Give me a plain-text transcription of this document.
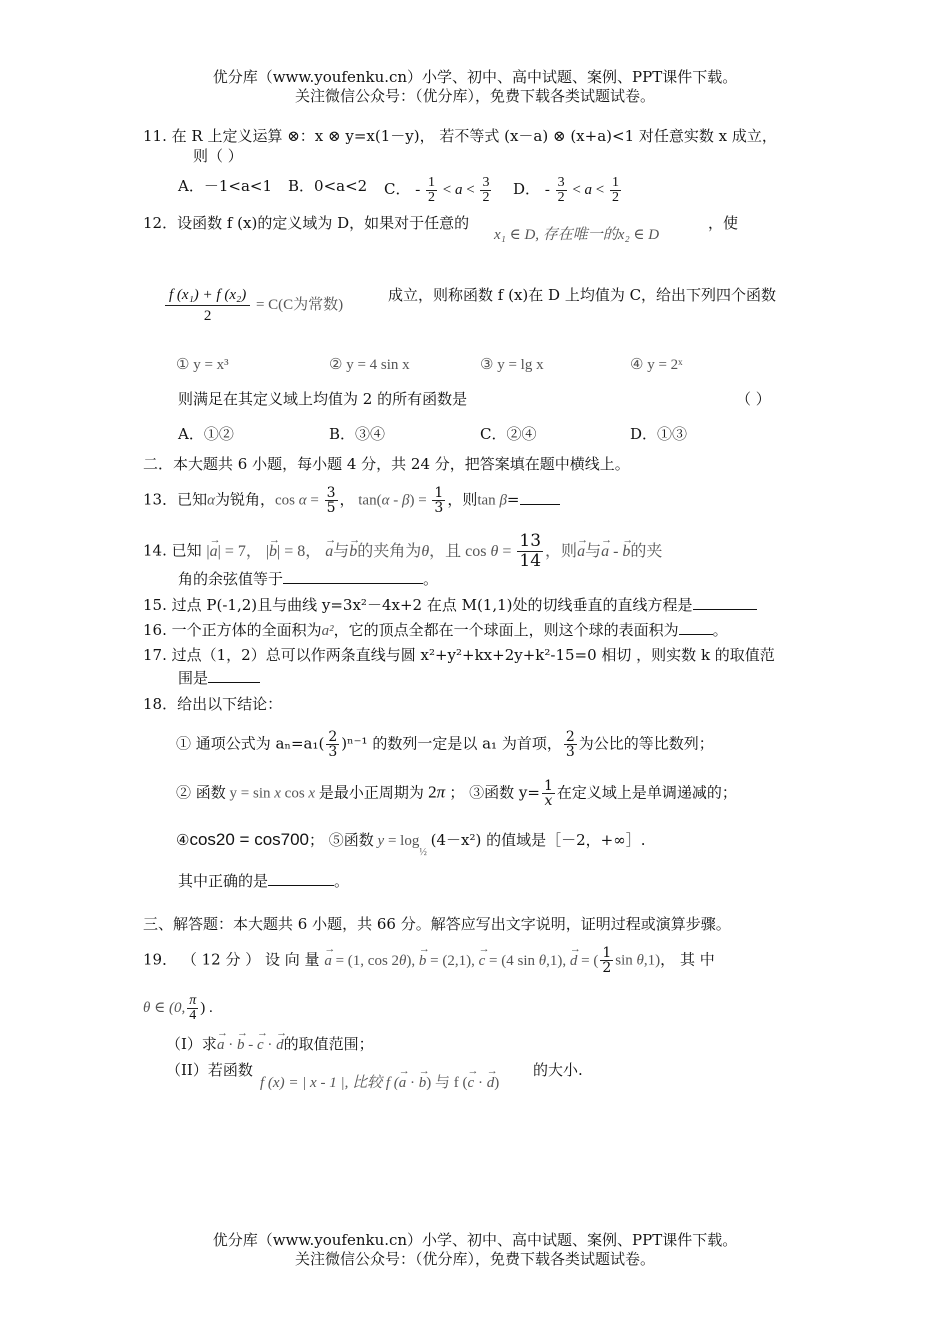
优分库（www.youfenku.cn）小学、初中、高中试题、案例、PPT课件下载。
关注微信公众号：（优分库），免费下载各类试题试卷。
11. 在 R 上定义运算 ⊗：x ⊗ y=x(1－y)， 若不等式 (x－a) ⊗ (x+a)<1 对任意实数 x 成立，
则（ ）
A．－1<a<1 B．0<a<2 C． - $\frac{1}{2} < a < \frac{3}{2}$ D． - $\frac{3}{2} < a < \frac{1}{2}$
12．设函数 f (x)的定义域为 D，如果对于任意的
x₁ ∈ D, 存在唯一的x₂ ∈ D
，使
$\frac{\text{f (x₁) + f (x₂)}}{2} = C(C$为常数)
成立，则称函数 f (x)在 D 上均值为 C，给出下列四个函数
① y = x³	② y = 4 sin x	③ y = lg x	④ y = 2ˣ
则满足在其定义域上均值为 2 的所有函数是	（ ）
A．①②	B．③④	C．②④	D．①③
二．本大题共 6 小题，每小题 4 分，共 24 分，把答案填在题中横线上。
13．已知α为锐角，$\cos \alpha = \frac{3}{5}$ ， $\tan(\alpha - \beta) = \frac{1}{3}$ ，则tan β=
14. 已知 |→ a| = 7， |→ b| = 8， → a与→ b的夹角为θ，且 $\cos \theta = \frac{13}{14}$ ，则→ a与→ a - → b的夹
角的余弦值等于	。
15. 过点 P(-1,2)且与曲线 y=3x²－4x+2 在点 M(1,1)处的切线垂直的直线方程是
16. 一个正方体的全面积为a²，它的顶点全都在一个球面上，则这个球的表面积为 。
17. 过点（1，2）总可以作两条直线与圆 x²+y²+kx+2y+k²-15=0 相切 ，则实数 k 的取值范
围是
18．给出以下结论：
① 通项公式为 $a_n=a_1( \frac{2}{3} )^{n-1}$ 的数列一定是以 a₁ 为首项， $\frac{2}{3}$ 为公比的等比数列；
② 函数 y = sin x cos x 是最小正周期为 2π ； ③函数 $y= \frac{1}{x}$ 在定义域上是单调递减的；
④cos20 = cos700； ⑤函数 $y = \log_{\frac{1}{2}} (4-x^2)$ 的值域是［－2，+∞］.
其中正确的是	。
三、解答题：本大题共 6 小题，共 66 分。解答应写出文字说明，证明过程或演算步骤。
19． （ 12 分 ） 设 向 量 → a = (1, cos 2θ), → b = (2,1), → c = (4 sin θ,1), → d = ( $\frac{1}{2}$ sin θ,1)， 其 中
θ ∈ (0, $\frac{\pi}{4}$ ) .
（I）求→ a · → b - → c · → d的取值范围；
（II）若函数
f (x) = | x - 1 |, 比较 f (→ a · → b) 与 f (→ c · → d)
的大小.
优分库（www.youfenku.cn）小学、初中、高中试题、案例、PPT课件下载。
关注微信公众号：（优分库），免费下载各类试题试卷。
